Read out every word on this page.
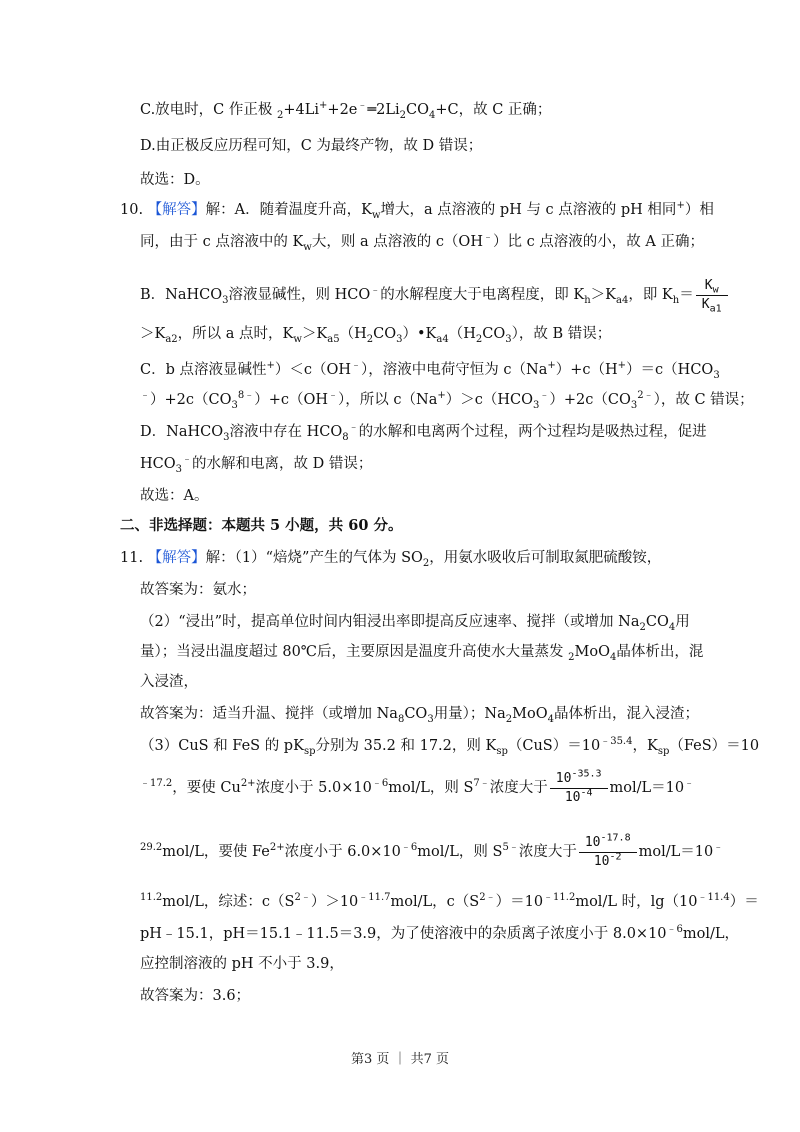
C.放电时，C 作正极 $_2+4Li^++2e^﹣═2Li_2CO_4+C$，故 C 正确；
D.由正极反应历程可知，C 为最终产物，故 D 错误；
故选：D。
10. 【解答】解：A．随着温度升高，$K_w$增大，a 点溶液的 pH 与 c 点溶液的 pH 相同+）相
同，由于 c 点溶液中的 $K_w$大，则 a 点溶液的 c（OH﹣）比 c 点溶液的小，故 A 正确；
B．NaHCO$_3$溶液显碱性，则 HCO﹣的水解程度大于电离程度，即 $K_h>K_{a4}$，即 $K_h= \frac{K_w}{K_{a1}}$
$>K_{a2}$，所以 a 点时，$K_w>K_{a5}(H_2CO_3)•K_{a4}(H_2CO_3)$，故 B 错误；
C．b 点溶液显碱性+）＜c（OH﹣），溶液中电荷守恒为 $c(Na^+)+c(H^+)=c(HCO_3$
$^﹣)+2c(CO_3^{8﹣})+c(OH^﹣)$，所以 $c(Na^+)>c(HCO_3^﹣)+2c(CO_3^{2﹣})$，故 C 错误；
D．NaHCO$_3$溶液中存在 $HCO_8^﹣$的水解和电离两个过程，两个过程均是吸热过程，促进
$HCO_3^﹣$的水解和电离，故 D 错误；
故选：A。
二、非选择题：本题共 5 小题，共 60 分。
11. 【解答】解：（1）“焙烧”产生的气体为 $SO_2$，用氨水吸收后可制取氮肥硫酸铵，
故答案为：氨水；
（2）“浸出”时，提高单位时间内钼浸出率即提高反应速率、搅拌（或增加 $Na_2CO_4$用
量）；当浸出温度超过 80℃后，主要原因是温度升高使水大量蒸发 $_2$MoO$_4$晶体析出，混
入浸渣，
故答案为：适当升温、搅拌（或增加 $Na_8CO_3$用量）；$Na_2MoO_4$晶体析出，混入浸渣；
（3）CuS 和 FeS 的 $pK_{sp}$分别为 35.2 和 17.2，则 $K_{sp}(CuS)=10^{﹣35.4}$，$K_{sp}(FeS)=10$
$^{﹣17.2}$，要使 $Cu^{2+}$浓度小于 $5.0\times 10^{﹣6}mol/L$，则 $S^{7﹣}$浓度大于 $\frac{10^{-35.3}}{10^{-4}} mol/L=10^﹣$
$^{29.2}$mol/L，要使 $Fe^{2+}$浓度小于 $6.0\times 10^{﹣6}mol/L$，则 $S^{5﹣}$浓度大于 $\frac{10^{-17.8}}{10^{-2}} mol/L=10^﹣$
$^{11.2}$mol/L，综述：$c(S^{2﹣})>10^{﹣11.7}mol/L$，$c(S^{2﹣})=10^{﹣11.2}mol/L$ 时，$\lg(10^{﹣11.4})=$
pH﹣15.1，pH＝15.1﹣11.5＝3.9，为了使溶液中的杂质离子浓度小于 $8.0\times 10^{﹣6}mol/L$，
应控制溶液的 pH 不小于 3.9，
故答案为：3.6；
第3 页 ｜ 共7 页
